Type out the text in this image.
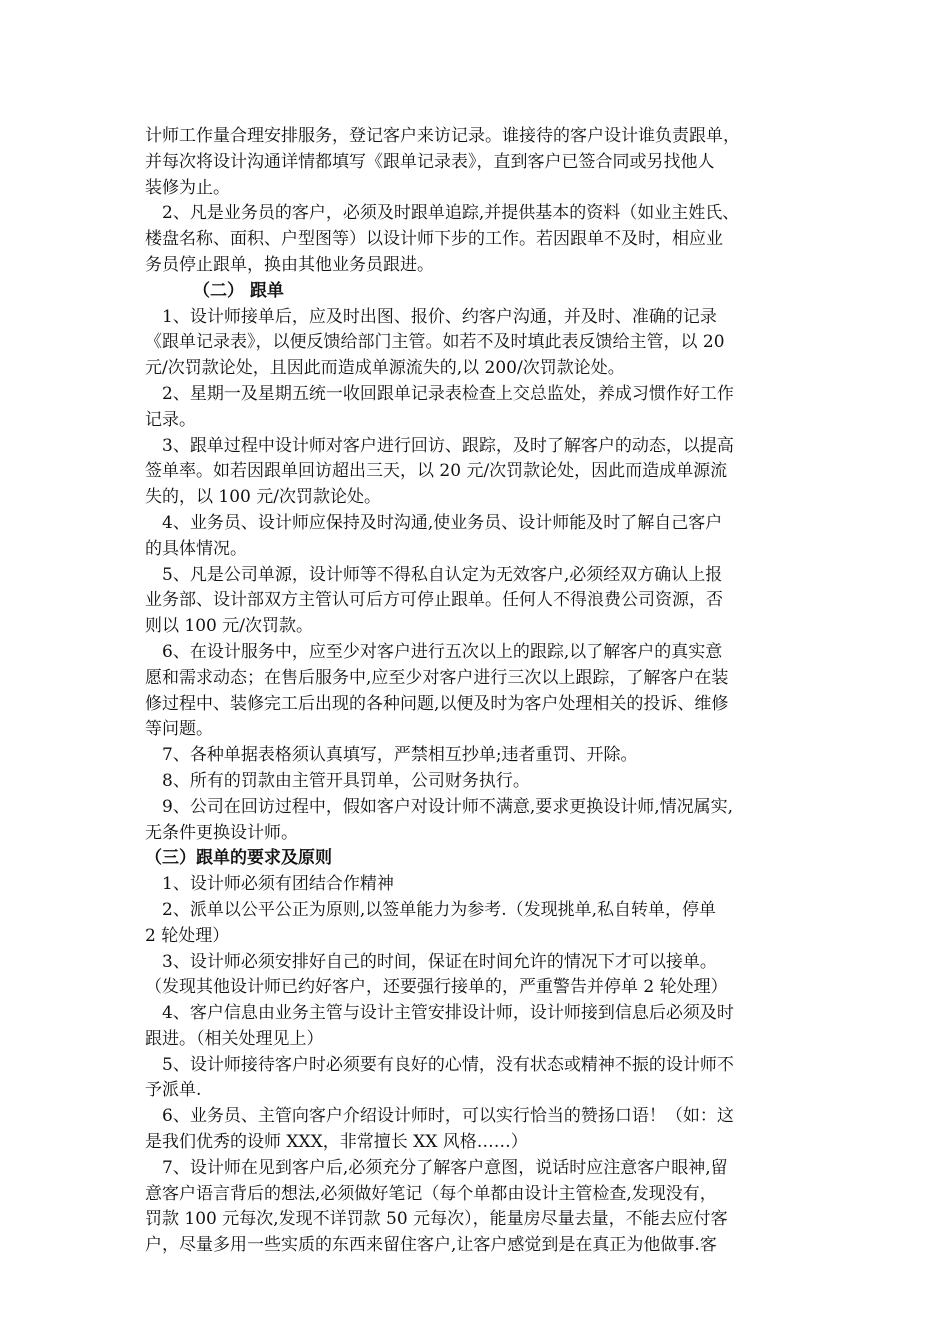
计师工作量合理安排服务，登记客户来访记录。谁接待的客户设计谁负责跟单，
并每次将设计沟通详情都填写《跟单记录表》，直到客户已签合同或另找他人
装修为止。
2、凡是业务员的客户，必须及时跟单追踪,并提供基本的资料（如业主姓氏、
楼盘名称、面积、户型图等）以设计师下步的工作。若因跟单不及时，相应业
务员停止跟单，换由其他业务员跟进。
（二） 跟单
1、设计师接单后，应及时出图、报价、约客户沟通，并及时、准确的记录
《跟单记录表》，以便反馈给部门主管。如若不及时填此表反馈给主管，以 20
元/次罚款论处，且因此而造成单源流失的,以 200/次罚款论处。
2、星期一及星期五统一收回跟单记录表检查上交总监处，养成习惯作好工作
记录。
3、跟单过程中设计师对客户进行回访、跟踪，及时了解客户的动态，以提高
签单率。如若因跟单回访超出三天，以 20 元/次罚款论处，因此而造成单源流
失的，以 100 元/次罚款论处。
4、业务员、设计师应保持及时沟通,使业务员、设计师能及时了解自己客户
的具体情况。
5、凡是公司单源，设计师等不得私自认定为无效客户,必须经双方确认上报
业务部、设计部双方主管认可后方可停止跟单。任何人不得浪费公司资源，否
则以 100 元/次罚款。
6、在设计服务中，应至少对客户进行五次以上的跟踪,以了解客户的真实意
愿和需求动态；在售后服务中,应至少对客户进行三次以上跟踪，了解客户在装
修过程中、装修完工后出现的各种问题,以便及时为客户处理相关的投诉、维修
等问题。
7、各种单据表格须认真填写，严禁相互抄单;违者重罚、开除。
8、所有的罚款由主管开具罚单，公司财务执行。
9、公司在回访过程中，假如客户对设计师不满意,要求更换设计师,情况属实,
无条件更换设计师。
（三）跟单的要求及原则
1、设计师必须有团结合作精神
2、派单以公平公正为原则,以签单能力为参考.（发现挑单,私自转单，停单
2 轮处理）
3、设计师必须安排好自己的时间，保证在时间允许的情况下才可以接单。
（发现其他设计师已约好客户，还要强行接单的，严重警告并停单 2 轮处理）
4、客户信息由业务主管与设计主管安排设计师，设计师接到信息后必须及时
跟进。（相关处理见上）
5、设计师接待客户时必须要有良好的心情，没有状态或精神不振的设计师不
予派单.
6、业务员、主管向客户介绍设计师时，可以实行恰当的赞扬口语！（如：这
是我们优秀的设师 XXX，非常擅长 XX 风格……）
7、设计师在见到客户后,必须充分了解客户意图，说话时应注意客户眼神,留
意客户语言背后的想法,必须做好笔记（每个单都由设计主管检查,发现没有，
罚款 100 元每次,发现不详罚款 50 元每次），能量房尽量去量，不能去应付客
户，尽量多用一些实质的东西来留住客户,让客户感觉到是在真正为他做事.客
